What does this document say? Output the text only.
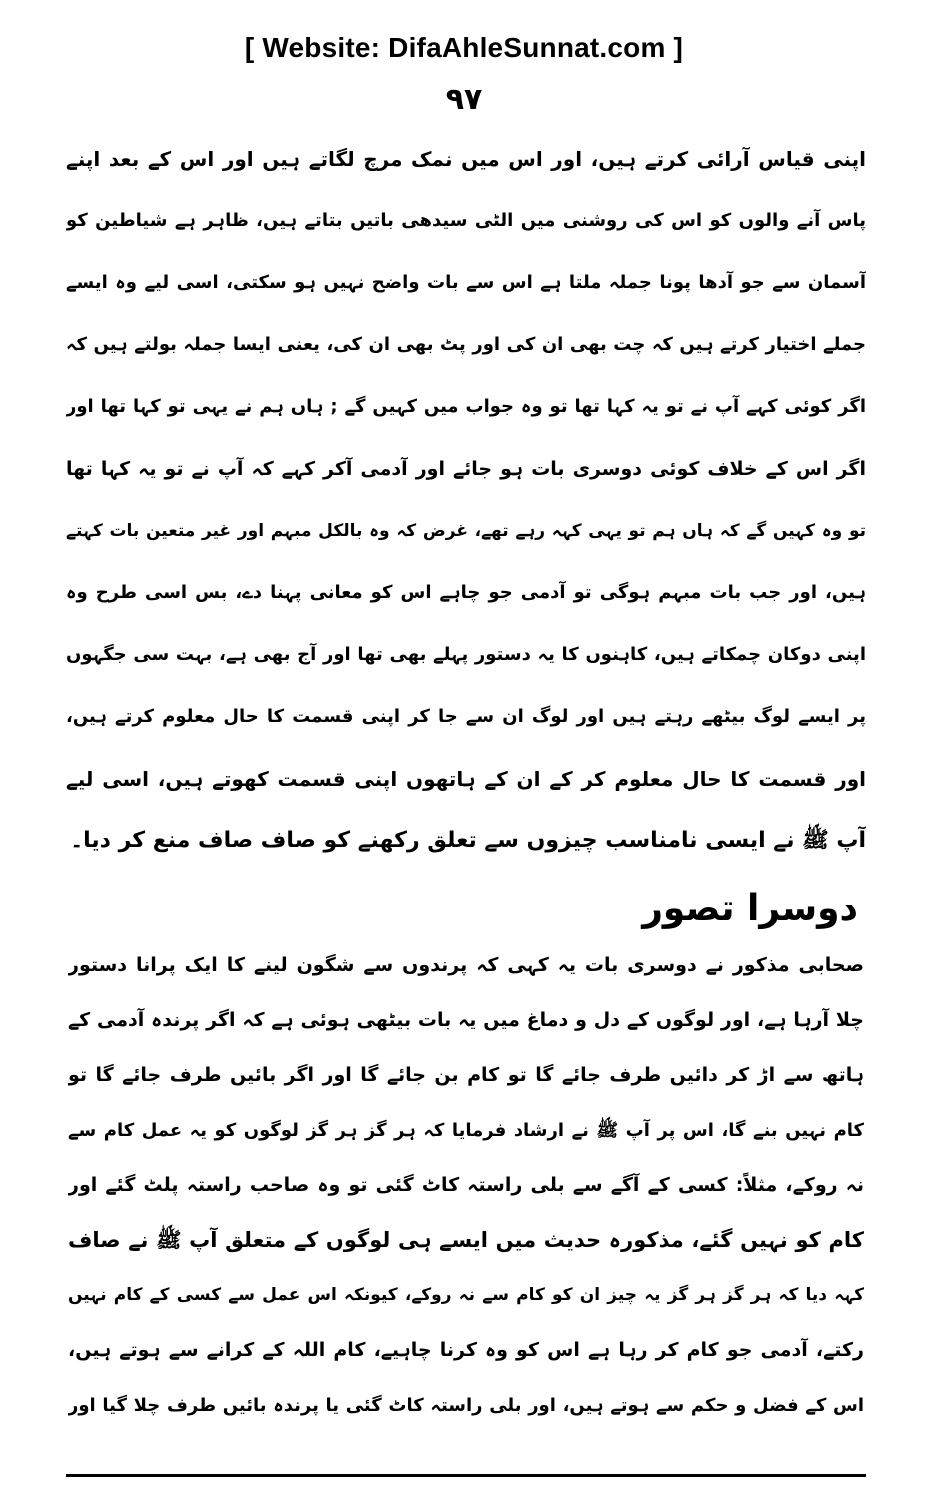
[ Website: DifaAhleSunnat.com ]
٩٧
اپنی قیاس آرائی کرتے ہیں، اور اس میں نمک مرچ لگاتے ہیں اور اس کے بعد اپنے
پاس آنے والوں کو اس کی روشنی میں الٹی سیدھی باتیں بتاتے ہیں، ظاہر ہے شیاطین کو
آسمان سے جو آدھا پونا جملہ ملتا ہے اس سے بات واضح نہیں ہو سکتی، اسی لیے وہ ایسے
جملے اختیار کرتے ہیں کہ چت بھی ان کی اور پٹ بھی ان کی، یعنی ایسا جملہ بولتے ہیں کہ
اگر کوئی کہے آپ نے تو یہ کہا تھا تو وہ جواب میں کہیں گے ; ہاں ہم نے یہی تو کہا تھا اور
اگر اس کے خلاف کوئی دوسری بات ہو جائے اور آدمی آکر کہے کہ آپ نے تو یہ کہا تھا
تو وہ کہیں گے کہ ہاں ہم تو یہی کہہ رہے تھے، غرض کہ وہ بالکل مبہم اور غیر متعین بات کہتے
ہیں، اور جب بات مبہم ہوگی تو آدمی جو چاہے اس کو معانی پہنا دے، بس اسی طرح وہ
اپنی دوکان چمکاتے ہیں، کاہنوں کا یہ دستور پہلے بھی تھا اور آج بھی ہے، بہت سی جگہوں
پر ایسے لوگ بیٹھے رہتے ہیں اور لوگ ان سے جا کر اپنی قسمت کا حال معلوم کرتے ہیں،
اور قسمت کا حال معلوم کر کے ان کے ہاتھوں اپنی قسمت کھوتے ہیں، اسی لیے
آپ ﷺ نے ایسی نامناسب چیزوں سے تعلق رکھنے کو صاف صاف منع کر دیا۔
دوسرا تصور
صحابی مذکور نے دوسری بات یہ کہی کہ پرندوں سے شگون لینے کا ایک پرانا دستور
چلا آرہا ہے، اور لوگوں کے دل و دماغ میں یہ بات بیٹھی ہوئی ہے کہ اگر پرندہ آدمی کے
ہاتھ سے اڑ کر دائیں طرف جائے گا تو کام بن جائے گا اور اگر بائیں طرف جائے گا تو
کام نہیں بنے گا، اس پر آپ ﷺ نے ارشاد فرمایا کہ ہر گز ہر گز لوگوں کو یہ عمل کام سے
نہ روکے، مثلاً: کسی کے آگے سے بلی راستہ کاٹ گئی تو وہ صاحب راستہ پلٹ گئے اور
کام کو نہیں گئے، مذکورہ حدیث میں ایسے ہی لوگوں کے متعلق آپ ﷺ نے صاف
کہہ دیا کہ ہر گز ہر گز یہ چیز ان کو کام سے نہ روکے، کیونکہ اس عمل سے کسی کے کام نہیں
رکتے، آدمی جو کام کر رہا ہے اس کو وہ کرنا چاہیے، کام اللہ کے کرانے سے ہوتے ہیں،
اس کے فضل و حکم سے ہوتے ہیں، اور بلی راستہ کاٹ گئی یا پرندہ بائیں طرف چلا گیا اور
